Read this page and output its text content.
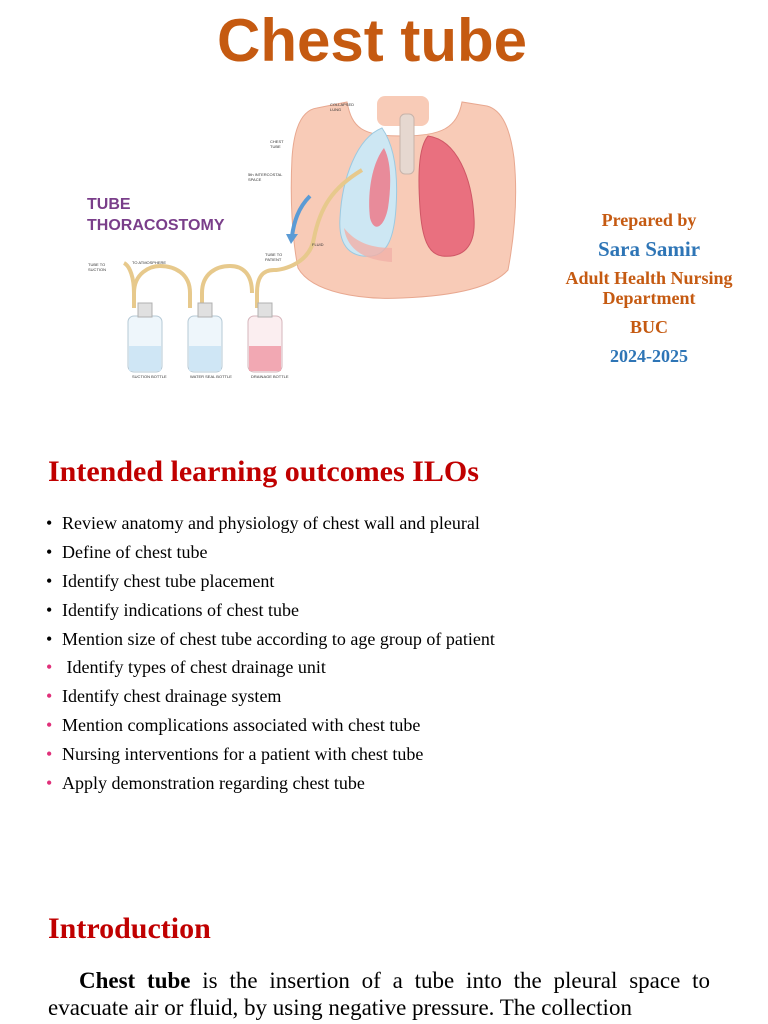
Chest tube
TUBE
THORACOSTOMY
COLLAPSED
LUNG
CHEST
TUBE
5th INTERCOSTAL
SPACE
FLUID
TO ATMOSPHERE
TUBE TO
SUCTION
TUBE TO
PATIENT
SUCTION BOTTLE	WATER SEAL BOTTLE	DRAINAGE BOTTLE
Prepared by
Sara Samir
Adult Health Nursing Department
BUC
2024-2025
Intended learning outcomes ILOs
• Review anatomy and physiology of chest wall and pleural
• Define of chest tube
• Identify chest tube placement
• Identify indications of chest tube
• Mention size of chest tube according to age group of patient
• Identify types of chest drainage unit
• Identify chest drainage system
• Mention complications associated with chest tube
• Nursing interventions for a patient with chest tube
• Apply demonstration regarding chest tube
Introduction

Chest tube is the insertion of a tube into the pleural space to evacuate air or fluid, by using negative pressure. The collection
